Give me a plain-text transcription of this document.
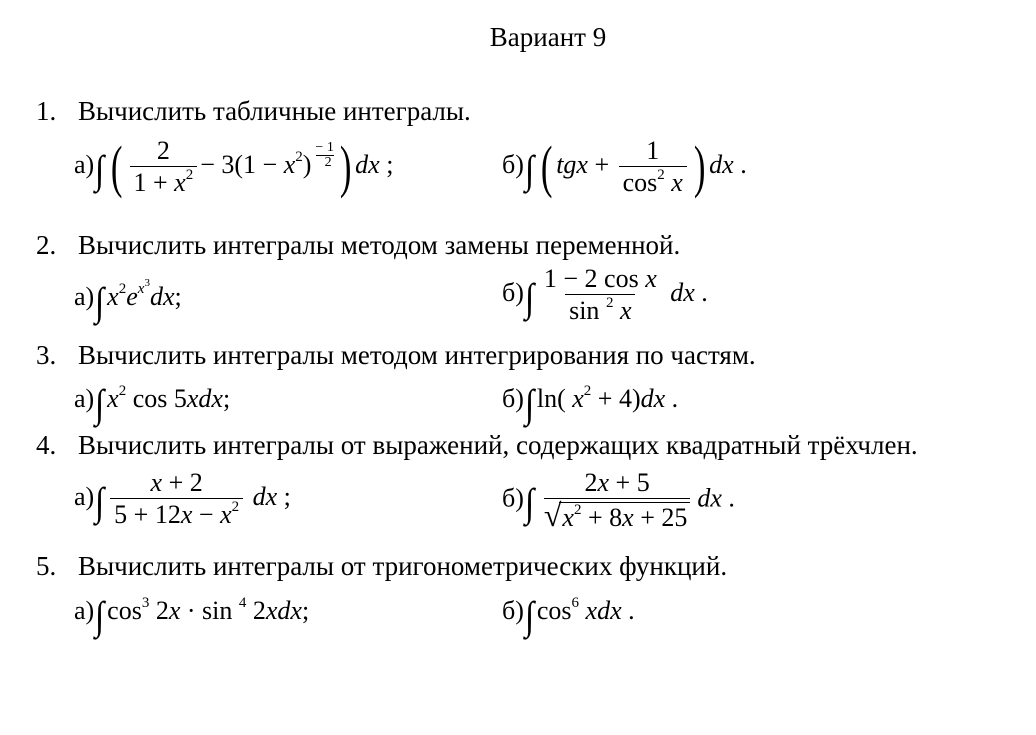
Вариант 9
1. Вычислить табличные интегралы.
а)∫ ( $\frac{2}{1 + x^2} - 3(1 - x^2) \frac{- 1}{2}$ ) dx ;	б)∫ ( tgx + $\frac{1}{\cos^2 x}$ ) dx .
2. Вычислить интегралы методом замены переменной.
а)∫ $x^2e^{x^3}dx$;	$б)\int \frac{\text{1 − 2 cos x}}{\sin ^2 x}$ dx .
3. Вычислить интегралы методом интегрирования по частям.
а)∫ $x^2$ cos 5xdx;	б)∫ ln( $x^2 + 4)dx$ .
4. Вычислить интегралы от выражений, содержащих квадратный трёхчлен.
$а)\int \frac{x + 2}{5 + 12x - x^2}$ dx ;	б)∫ 2x + 5
√ $x^2 + 8x + 25$
dx .
5. Вычислить интегралы от тригонометрических функций.
а)∫ $\cos^3 2x \cdot \sin ^4$ 2xdx;	б)∫ $\cos^6$ xdx .
